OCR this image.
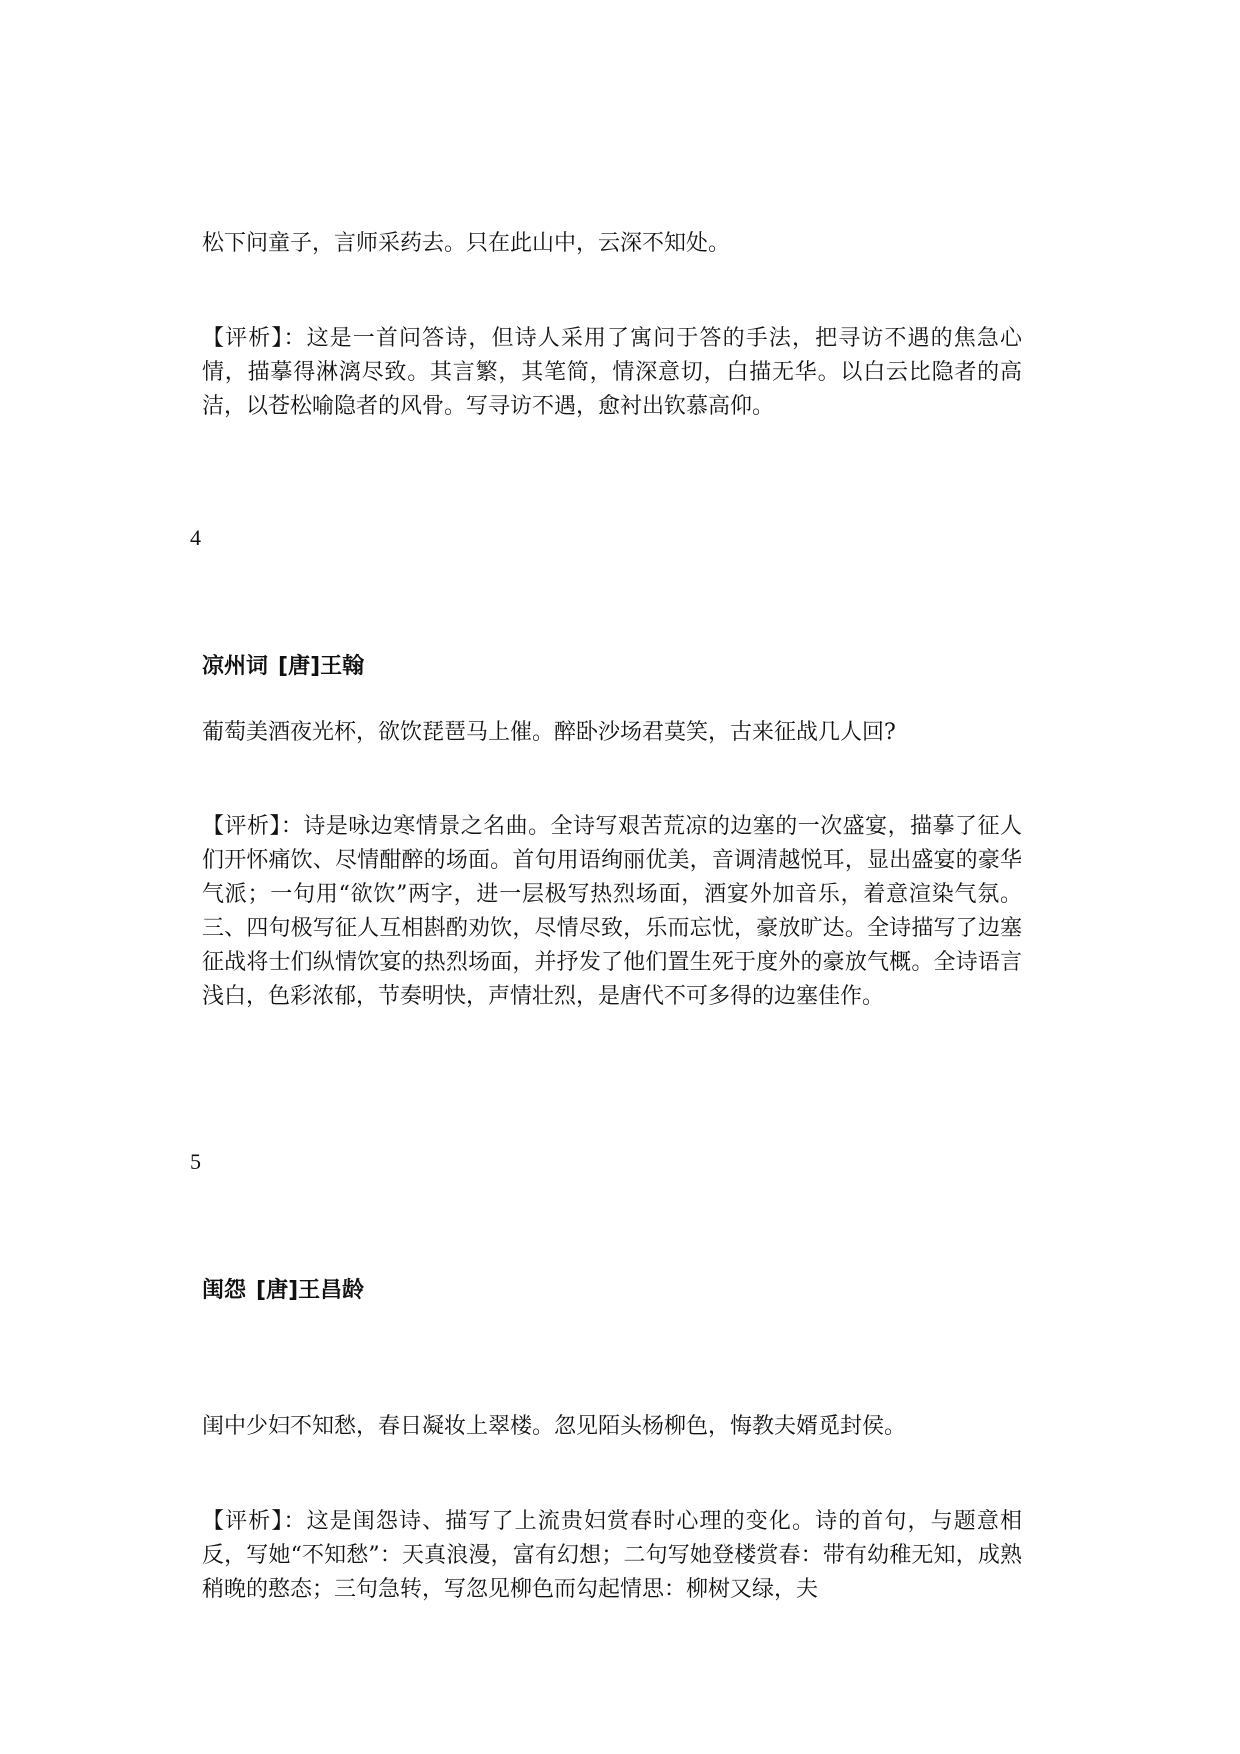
松下问童子，言师采药去。只在此山中，云深不知处。

【评析】：这是一首问答诗，但诗人采用了寓问于答的手法，把寻访不遇的焦急心情，描摹得淋漓尽致。其言繁，其笔简，情深意切，白描无华。以白云比隐者的高洁，以苍松喻隐者的风骨。写寻访不遇，愈衬出钦慕高仰。

4
凉州词 [唐]王翰

葡萄美酒夜光杯，欲饮琵琶马上催。醉卧沙场君莫笑，古来征战几人回?

【评析】：诗是咏边寒情景之名曲。全诗写艰苦荒凉的边塞的一次盛宴，描摹了征人们开怀痛饮、尽情酣醉的场面。首句用语绚丽优美，音调清越悦耳，显出盛宴的豪华气派；一句用“欲饮”两字，进一层极写热烈场面，酒宴外加音乐，着意渲染气氛。三、四句极写征人互相斟酌劝饮，尽情尽致，乐而忘忧，豪放旷达。全诗描写了边塞征战将士们纵情饮宴的热烈场面，并抒发了他们置生死于度外的豪放气概。全诗语言浅白，色彩浓郁，节奏明快，声情壮烈，是唐代不可多得的边塞佳作。

5
闺怨 [唐]王昌龄

闺中少妇不知愁，春日凝妆上翠楼。忽见陌头杨柳色，悔教夫婿觅封侯。

【评析】：这是闺怨诗、描写了上流贵妇赏春时心理的变化。诗的首句，与题意相反，写她“不知愁”：天真浪漫，富有幻想；二句写她登楼赏春：带有幼稚无知，成熟稍晚的憨态；三句急转，写忽见柳色而勾起情思：柳树又绿，夫
